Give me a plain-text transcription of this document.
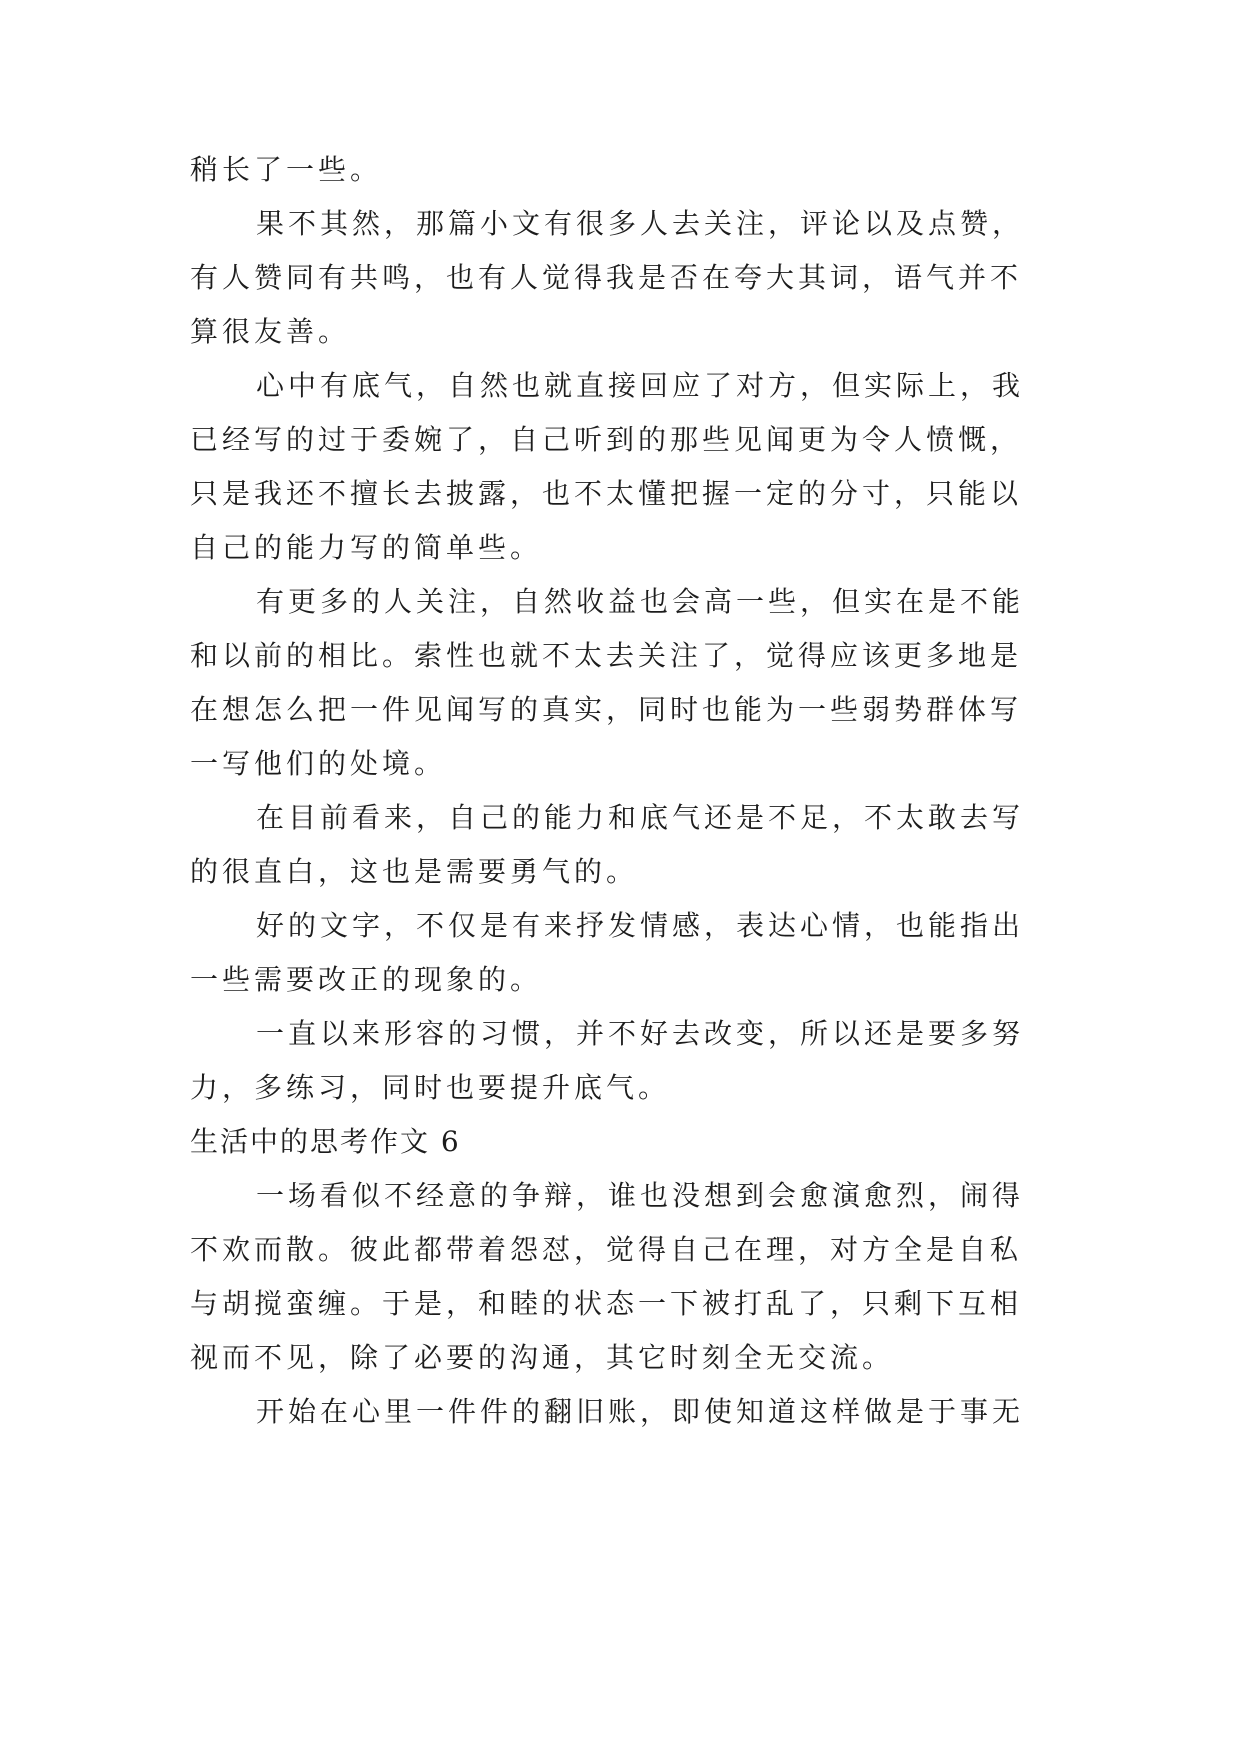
稍长了一些。

果不其然，那篇小文有很多人去关注，评论以及点赞，

有人赞同有共鸣，也有人觉得我是否在夸大其词，语气并不

算很友善。

心中有底气，自然也就直接回应了对方，但实际上，我

已经写的过于委婉了，自己听到的那些见闻更为令人愤慨，

只是我还不擅长去披露，也不太懂把握一定的分寸，只能以

自己的能力写的简单些。

有更多的人关注，自然收益也会高一些，但实在是不能

和以前的相比。索性也就不太去关注了，觉得应该更多地是

在想怎么把一件见闻写的真实，同时也能为一些弱势群体写

一写他们的处境。

在目前看来，自己的能力和底气还是不足，不太敢去写

的很直白，这也是需要勇气的。

好的文字，不仅是有来抒发情感，表达心情，也能指出

一些需要改正的现象的。

一直以来形容的习惯，并不好去改变，所以还是要多努

力，多练习，同时也要提升底气。

生活中的思考作文 6

一场看似不经意的争辩，谁也没想到会愈演愈烈，闹得

不欢而散。彼此都带着怨怼，觉得自己在理，对方全是自私

与胡搅蛮缠。于是，和睦的状态一下被打乱了，只剩下互相

视而不见，除了必要的沟通，其它时刻全无交流。

开始在心里一件件的翻旧账，即使知道这样做是于事无
